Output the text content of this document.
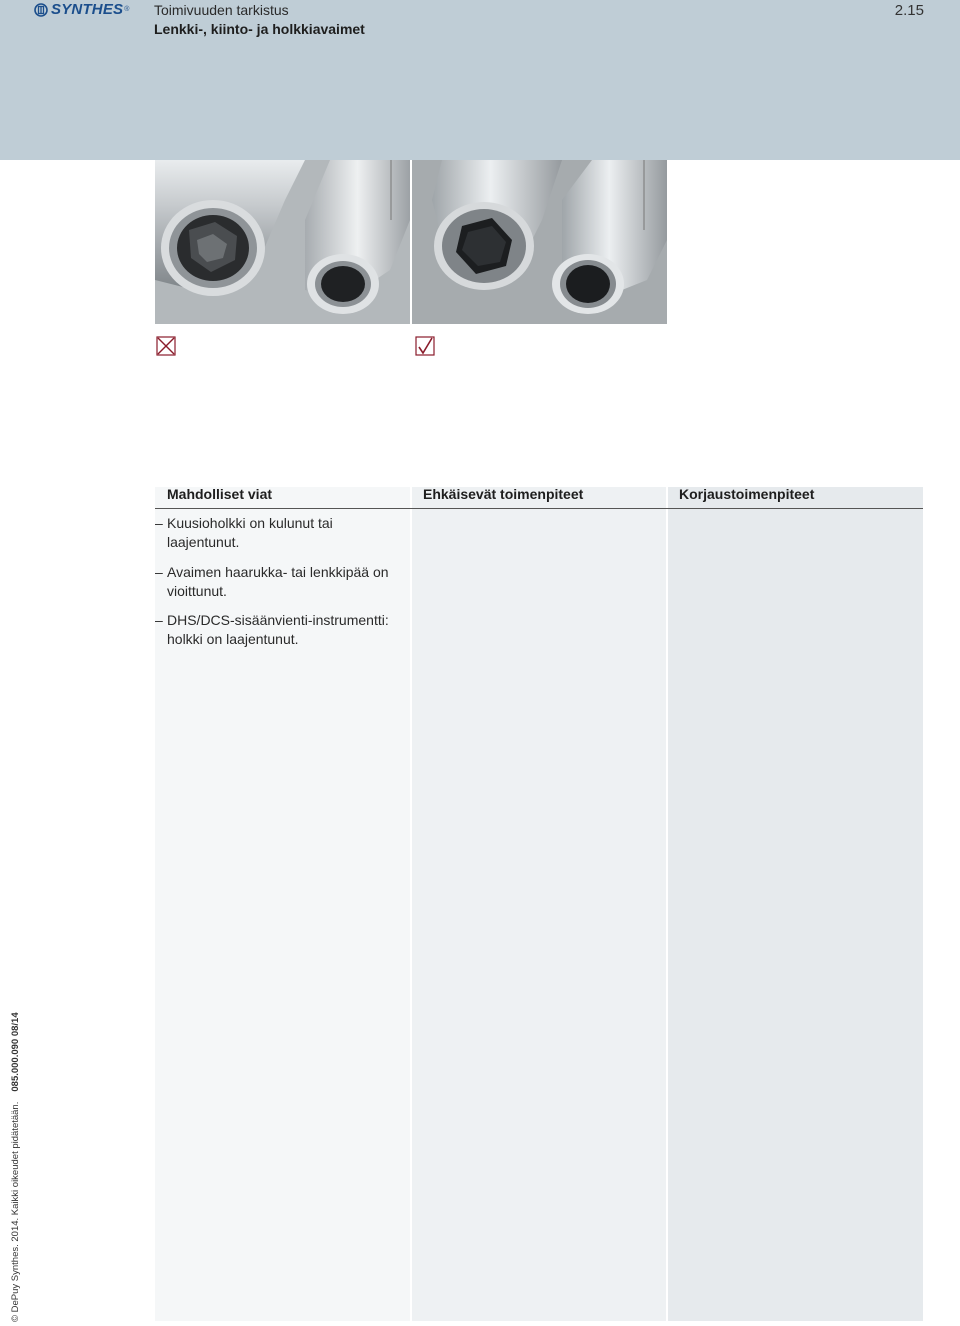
SYNTHES ® Toimivuuden tarkistus
Lenkki-, kiinto- ja holkkiavaimet
2.15
Mahdolliset viat	Ehkäisevät toimenpiteet	Korjaustoimenpiteet
– Kuusioholkki on kulunut tai laajentunut.
– Avaimen haarukka- tai lenkkipää on vioittunut.
– DHS/DCS-sisäänvienti-instrumentti: holkki on laajentunut.
© DePuy Synthes. 2014. Kaikki oikeudet pidätetään.085.000.090 08/14
